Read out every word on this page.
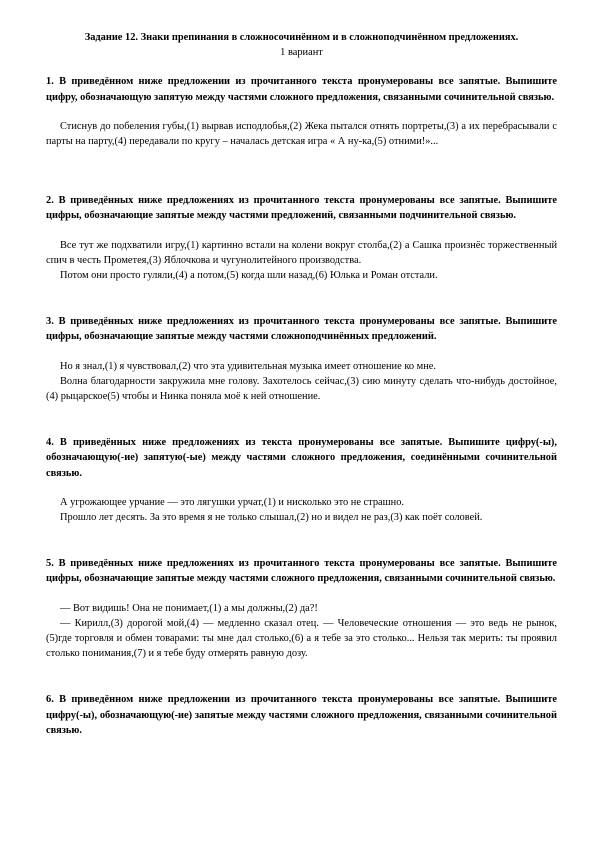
Задание 12. Знаки препинания в сложносочинённом и в сложноподчинённом предложениях.
1 вариант
1. В приведённом ниже предложении из прочитанного текста пронумерованы все запятые. Выпишите цифру, обозначающую запятую между частями сложного предложения, связанными сочинительной связью.

Стиснув до побеления губы,(1) вырвав исподлобья,(2) Жека пытался отнять портреты,(3) а их перебрасывали с парты на парту,(4) передавали по кругу – началась детская игра « А ну-ка,(5) отними!»...

2. В приведённых ниже предложениях из прочитанного текста пронумерованы все запятые. Выпишите цифры, обозначающие запятые между частями предложений, связанными подчинительной связью.

Все тут же подхватили игру,(1) картинно встали на колени вокруг столба,(2) а Сашка произнёс торжественный спич в честь Прометея,(3) Яблочкова и чугунолитейного производства.

Потом они просто гуляли,(4) а потом,(5) когда шли назад,(6) Юлька и Роман отстали.

3. В приведённых ниже предложениях из прочитанного текста пронумерованы все запятые. Выпишите цифры, обозначающие запятые между частями сложноподчинённых предложений.

Но я знал,(1) я чувствовал,(2) что эта удивительная музыка имеет отношение ко мне.

Волна благодарности закружила мне голову. Захотелось сейчас,(3) сию минуту сделать что-нибудь достойное,(4) рыцарское(5) чтобы и Нинка поняла моё к ней отношение.

4. В приведённых ниже предложениях из текста пронумерованы все запятые. Выпишите цифру(-ы), обозначающую(-ие) запятую(-ые) между частями сложного предложения, соединёнными сочинительной связью.

А угрожающее урчание — это лягушки урчат,(1) и нисколько это не страшно.

Прошло лет десять. За это время я не только слышал,(2) но и видел не раз,(3) как поёт соловей.

5. В приведённых ниже предложениях из прочитанного текста пронумерованы все запятые. Выпишите цифры, обозначающие запятые между частями сложного предложения, связанными сочинительной связью.

— Вот видишь! Она не понимает,(1) а мы должны,(2) да?!

— Кирилл,(3) дорогой мой,(4) — медленно сказал отец. — Человеческие отношения — это ведь не рынок,(5)где торговля и обмен товарами: ты мне дал столько,(6) а я тебе за это столько... Нельзя так мерить: ты проявил столько понимания,(7) и я тебе буду отмерять равную дозу.

6. В приведённом ниже предложении из прочитанного текста пронумерованы все запятые. Выпишите цифру(-ы), обозначающую(-ие) запятые между частями сложного предложения, связанными сочинительной связью.
